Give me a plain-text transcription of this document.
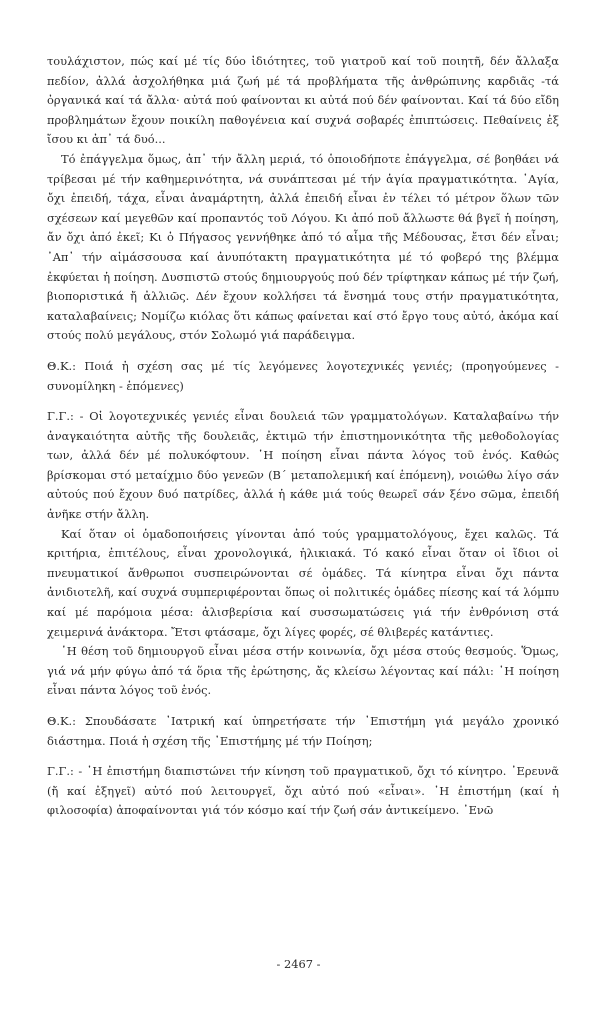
τουλάχιστον, πώς καί μέ τίς δύο ἰδιότητες, τοῦ γιατροῦ καί τοῦ ποιητῆ, δέν ἄλλαξα πεδίον, ἀλλά ἀσχολήθηκα μιά ζωή μέ τά προβλήματα τῆς ἀνθρώπινης καρδιᾶς -τά ὀργανικά καί τά ἄλλα· αὐτά πού φαίνονται κι αὐτά πού δέν φαίνονται. Καί τά δύο εἴδη προβλημάτων ἔχουν ποικίλη παθογένεια καί συχνά σοβαρές ἐπιπτώσεις. Πεθαίνεις ἐξ ἴσου κι ἀπ᾽ τά δυό...

Τό ἐπάγγελμα ὅμως, ἀπ᾽ τήν ἄλλη μεριά, τό ὁποιοδήποτε ἐπάγγελμα, σέ βοηθάει νά τρίβεσαι μέ τήν καθημερινότητα, νά συνάπτεσαι μέ τήν ἁγία πραγματικότητα. ῾Αγία, ὄχι ἐπειδή, τάχα, εἶναι ἀναμάρτητη, ἀλλά ἐπειδή εἶναι ἐν τέλει τό μέτρον ὅλων τῶν σχέσεων καί μεγεθῶν καί προπαντός τοῦ Λόγου. Κι ἀπό ποῦ ἄλλωστε θά βγεῖ ἡ ποίηση, ἄν ὄχι ἀπό ἐκεῖ; Κι ὁ Πήγασος γεννήθηκε ἀπό τό αἷμα τῆς Μέδουσας, ἔτσι δέν εἶναι; ᾽Απ᾽ τήν αἱμάσσουσα καί ἀνυπότακτη πραγματικότητα μέ τό φοβερό της βλέμμα ἐκφύεται ἡ ποίηση. Δυσπιστῶ στούς δημιουργούς πού δέν τρίφτηκαν κάπως μέ τήν ζωή, βιοποριστικά ἤ ἀλλιῶς. Δέν ἔχουν κολλήσει τά ἔνσημά τους στήν πραγματικότητα, καταλαβαίνεις; Νομίζω κιόλας ὅτι κάπως φαίνεται καί στό ἔργο τους αὐτό, ἀκόμα καί στούς πολύ μεγάλους, στόν Σολωμό γιά παράδειγμα.

Θ.Κ.: Ποιά ἡ σχέση σας μέ τίς λεγόμενες λογοτεχνικές γενιές; (προηγούμενες - συνομίληκη - ἑπόμενες)

Γ.Γ.: - Οἱ λογοτεχνικές γενιές εἶναι δουλειά τῶν γραμματολόγων. Καταλαβαίνω τήν ἀναγκαιότητα αὐτῆς τῆς δουλειᾶς, ἐκτιμῶ τήν ἐπιστημονικότητα τῆς μεθοδολογίας των, ἀλλά δέν μέ πολυκόφτουν. ῾Η ποίηση εἶναι πάντα λόγος τοῦ ἑνός. Καθώς βρίσκομαι στό μεταίχμιο δύο γενεῶν (Β΄ μεταπολεμική καί ἑπόμενη), νοιώθω λίγο σάν αὐτούς πού ἔχουν δυό πατρίδες, ἀλλά ἡ κάθε μιά τούς θεωρεῖ σάν ξένο σῶμα, ἐπειδή ἀνῆκε στήν ἄλλη.

Καί ὅταν οἱ ὁμαδοποιήσεις γίνονται ἀπό τούς γραμματολόγους, ἔχει καλῶς. Τά κριτήρια, ἐπιτέλους, εἶναι χρονολογικά, ἡλικιακά. Τό κακό εἶναι ὅταν οἱ ἴδιοι οἱ πνευματικοί ἄνθρωποι συσπειρώνονται σέ ὁμάδες. Τά κίνητρα εἶναι ὄχι πάντα ἀνιδιοτελῆ, καί συχνά συμπεριφέρονται ὅπως οἱ πολιτικές ὁμάδες πίεσης καί τά λόμπυ καί μέ παρόμοια μέσα: ἀλισβερίσια καί συσσωματώσεις γιά τήν ἐνθρόνιση στά χειμερινά ἀνάκτορα. Ἔτσι φτάσαμε, ὄχι λίγες φορές, σέ θλιβερές κατάντιες.

῾Η θέση τοῦ δημιουργοῦ εἶναι μέσα στήν κοινωνία, ὄχι μέσα στούς θεσμούς. Ὅμως, γιά νά μήν φύγω ἀπό τά ὅρια τῆς ἐρώτησης, ἄς κλείσω λέγοντας καί πάλι: ῾Η ποίηση εἶναι πάντα λόγος τοῦ ἑνός.

Θ.Κ.: Σπουδάσατε ᾽Ιατρική καί ὑπηρετήσατε τήν ᾽Επιστήμη γιά μεγάλο χρονικό διάστημα. Ποιά ἡ σχέση τῆς ᾽Επιστήμης μέ τήν Ποίηση;

Γ.Γ.: - ῾Η ἐπιστήμη διαπιστώνει τήν κίνηση τοῦ πραγματικοῦ, ὄχι τό κίνητρο. ᾽Ερευνᾶ (ἤ καί ἐξηγεῖ) αὐτό πού λειτουργεῖ, ὄχι αὐτό πού «εἶναι». ῾Η ἐπιστήμη (καί ἡ φιλοσοφία) ἀποφαίνονται γιά τόν κόσμο καί τήν ζωή σάν ἀντικείμενο. ᾽Ενῶ

- 2467 -
